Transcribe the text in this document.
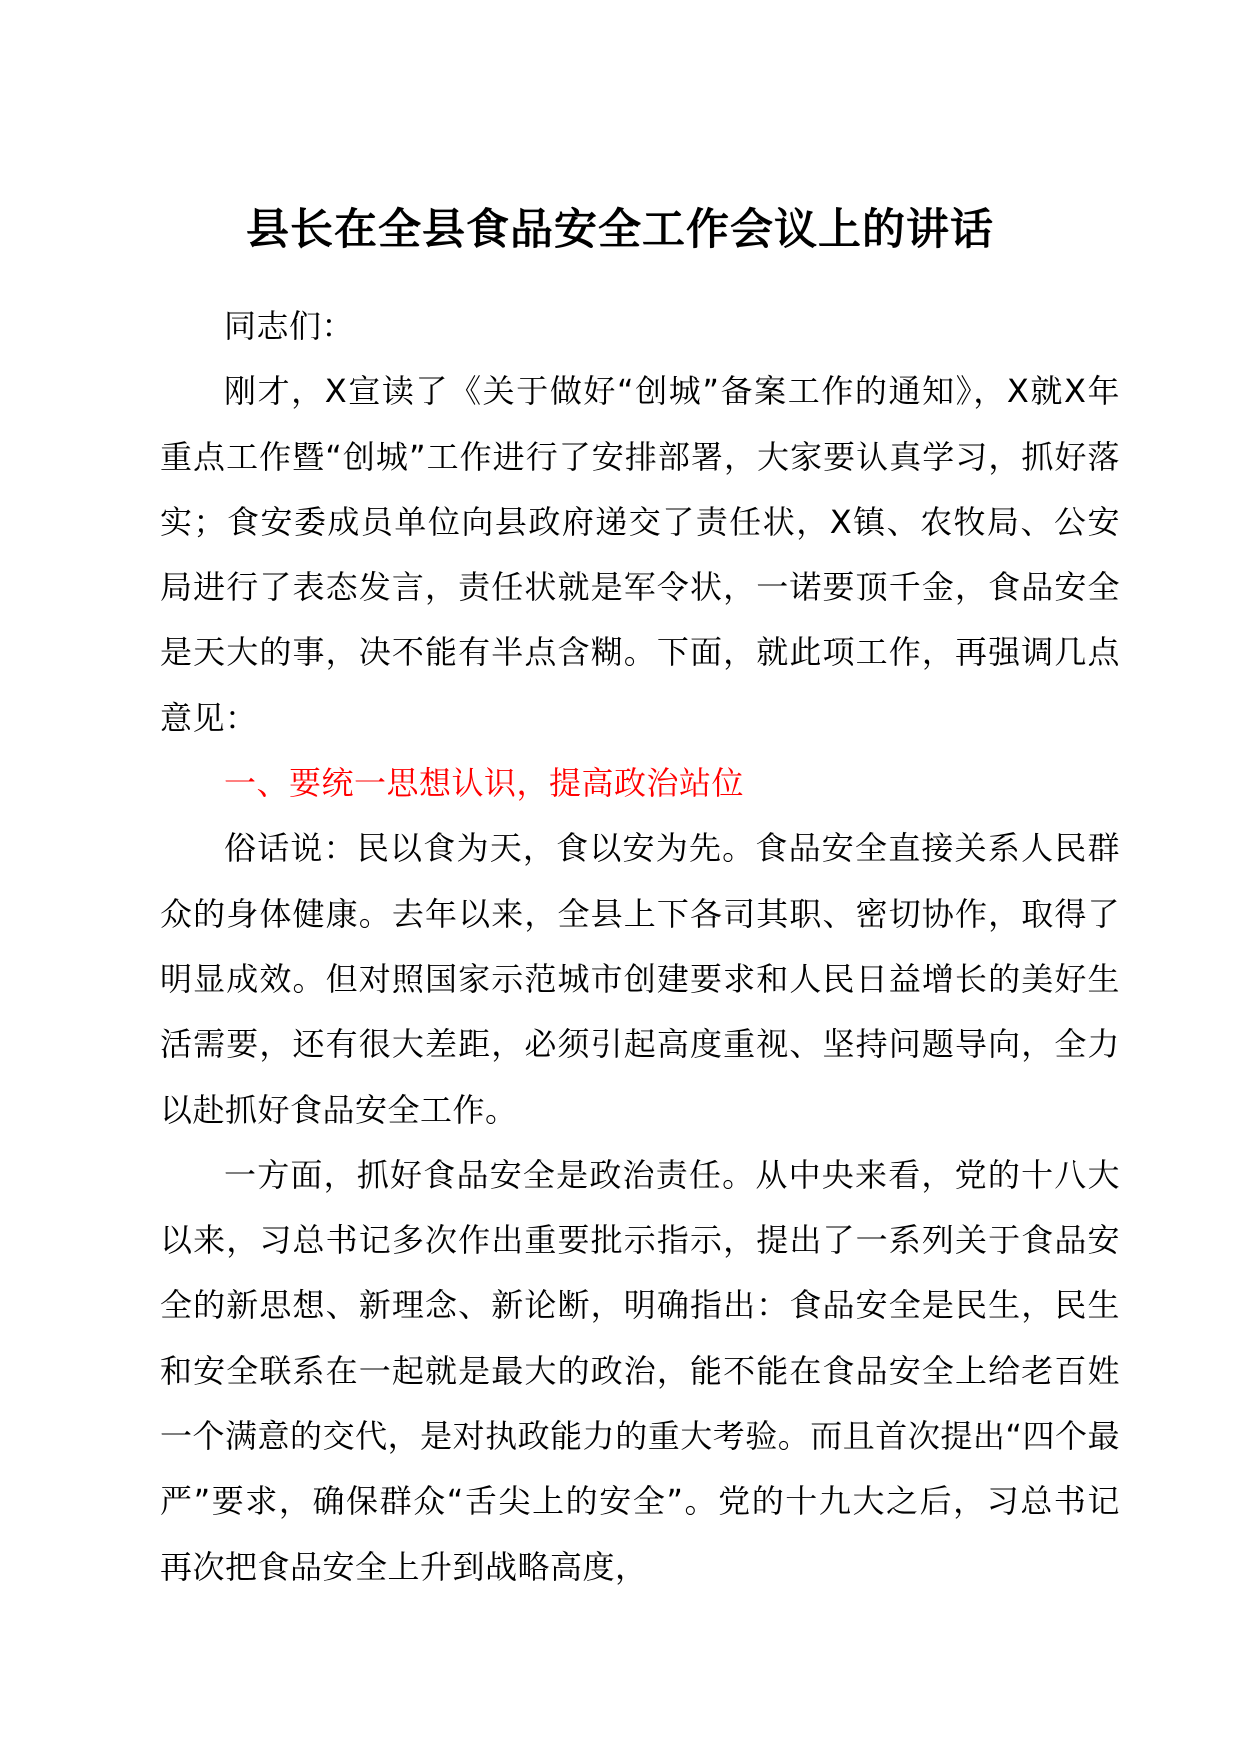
县长在全县食品安全工作会议上的讲话

同志们：

刚才，X宣读了《关于做好“创城”备案工作的通知》，X就X年重点工作暨“创城”工作进行了安排部署，大家要认真学习，抓好落实；食安委成员单位向县政府递交了责任状，X镇、农牧局、公安局进行了表态发言，责任状就是军令状，一诺要顶千金，食品安全是天大的事，决不能有半点含糊。下面，就此项工作，再强调几点意见：

一、要统一思想认识，提高政治站位

俗话说：民以食为天，食以安为先。食品安全直接关系人民群众的身体健康。去年以来，全县上下各司其职、密切协作，取得了明显成效。但对照国家示范城市创建要求和人民日益增长的美好生活需要，还有很大差距，必须引起高度重视、坚持问题导向，全力以赴抓好食品安全工作。

一方面，抓好食品安全是政治责任。从中央来看，党的十八大以来，习总书记多次作出重要批示指示，提出了一系列关于食品安全的新思想、新理念、新论断，明确指出：食品安全是民生，民生和安全联系在一起就是最大的政治，能不能在食品安全上给老百姓一个满意的交代，是对执政能力的重大考验。而且首次提出“四个最严”要求，确保群众“舌尖上的安全”。党的十九大之后，习总书记再次把食品安全上升到战略高度，
